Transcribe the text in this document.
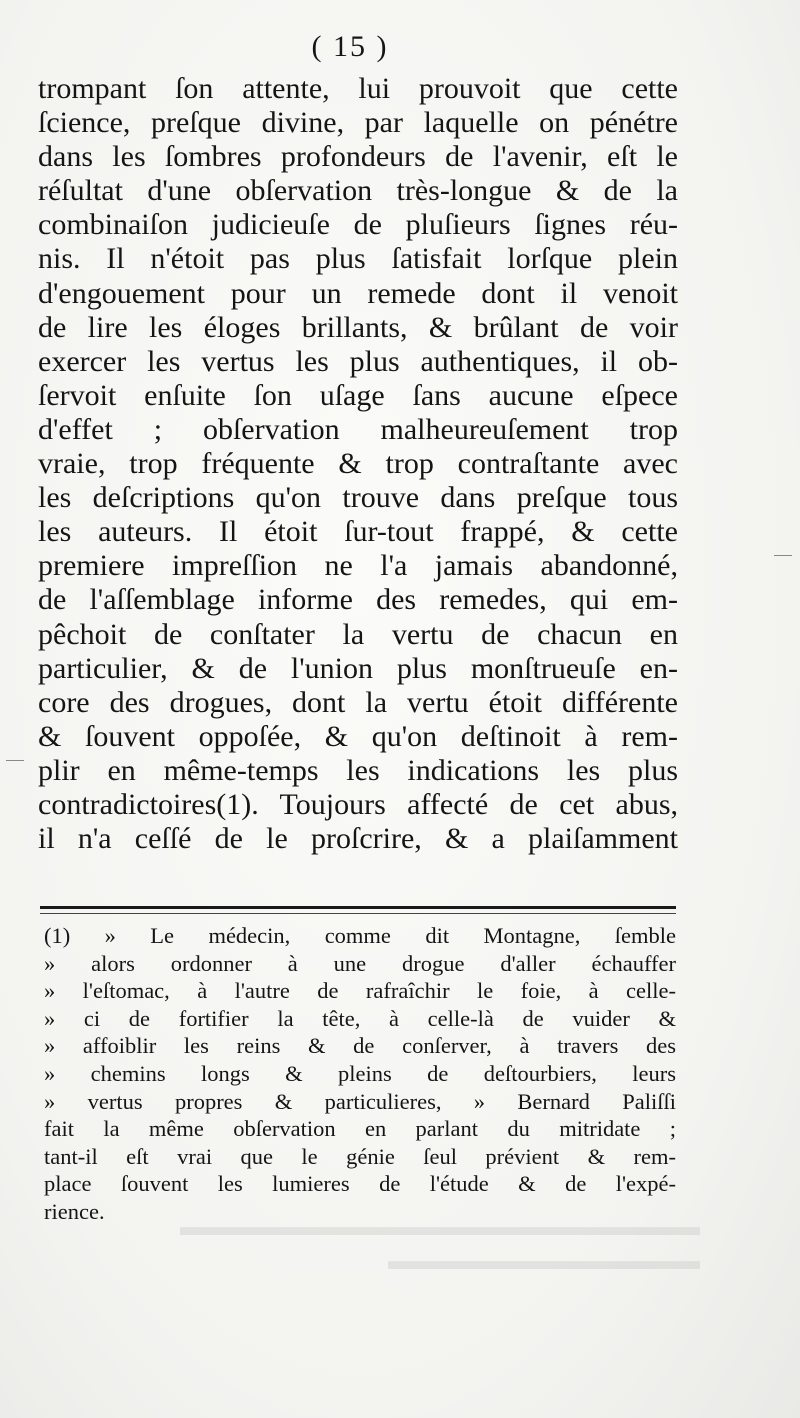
▬▬▬▬▬▬▬▬▬▬▬▬▬▬▬▬▬▬▬▬
▬▬▬▬▬▬▬▬▬▬▬▬
( 15 )
trompant ſon attente, lui prouvoit que cette
ſcience, preſque divine, par laquelle on pénétre
dans les ſombres profondeurs de l'avenir, eſt le
réſultat d'une obſervation très-longue & de la
combinaiſon judicieuſe de pluſieurs ſignes réu-
nis. Il n'étoit pas plus ſatisfait lorſque plein
d'engouement pour un remede dont il venoit
de lire les éloges brillants, & brûlant de voir
exercer les vertus les plus authentiques, il ob-
ſervoit enſuite ſon uſage ſans aucune eſpece
d'effet ; obſervation malheureuſement trop
vraie, trop fréquente & trop contraſtante avec
les deſcriptions qu'on trouve dans preſque tous
les auteurs. Il étoit ſur-tout frappé, & cette
premiere impreſſion ne l'a jamais abandonné,
de l'aſſemblage informe des remedes, qui em-
pêchoit de conſtater la vertu de chacun en
particulier, & de l'union plus monſtrueuſe en-
core des drogues, dont la vertu étoit différente
& ſouvent oppoſée, & qu'on deſtinoit à rem-
plir en même-temps les indications les plus
contradictoires(1). Toujours affecté de cet abus,
il n'a ceſſé de le proſcrire, & a plaiſamment
(1) » Le médecin, comme dit Montagne, ſemble
» alors ordonner à une drogue d'aller échauffer
» l'eſtomac, à l'autre de rafraîchir le foie, à celle-
» ci de fortifier la tête, à celle-là de vuider &
» affoiblir les reins & de conſerver, à travers des
» chemins longs & pleins de deſtourbiers, leurs
» vertus propres & particulieres, » Bernard Paliſſi
fait la même obſervation en parlant du mitridate ;
tant-il eſt vrai que le génie ſeul prévient & rem-
place ſouvent les lumieres de l'étude & de l'expé-
rience.
